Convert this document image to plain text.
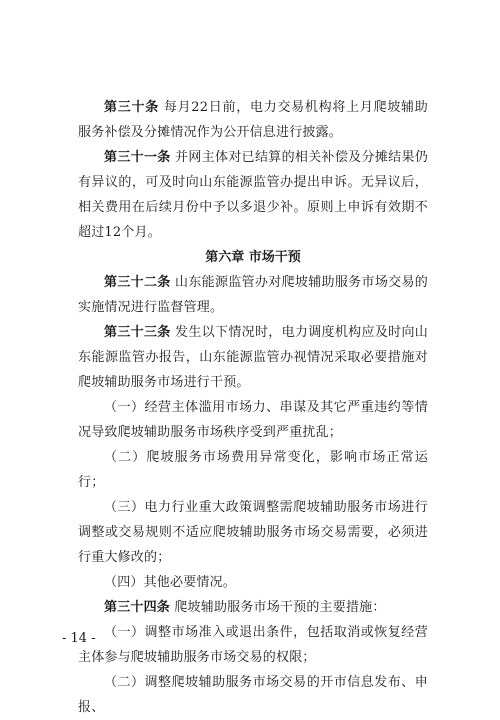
第三十条 每月22日前，电力交易机构将上月爬坡辅助服务补偿及分摊情况作为公开信息进行披露。

第三十一条 并网主体对已结算的相关补偿及分摊结果仍有异议的，可及时向山东能源监管办提出申诉。无异议后，相关费用在后续月份中予以多退少补。原则上申诉有效期不超过12个月。

第六章 市场干预

第三十二条 山东能源监管办对爬坡辅助服务市场交易的实施情况进行监督管理。

第三十三条 发生以下情况时，电力调度机构应及时向山东能源监管办报告，山东能源监管办视情况采取必要措施对爬坡辅助服务市场进行干预。

（一）经营主体滥用市场力、串谋及其它严重违约等情况导致爬坡辅助服务市场秩序受到严重扰乱；

（二）爬坡服务市场费用异常变化，影响市场正常运行；

（三）电力行业重大政策调整需爬坡辅助服务市场进行调整或交易规则不适应爬坡辅助服务市场交易需要，必须进行重大修改的；

（四）其他必要情况。

第三十四条 爬坡辅助服务市场干预的主要措施：

（一）调整市场准入或退出条件，包括取消或恢复经营主体参与爬坡辅助服务市场交易的权限；

（二）调整爬坡辅助服务市场交易的开市信息发布、申报、

- 14 -
